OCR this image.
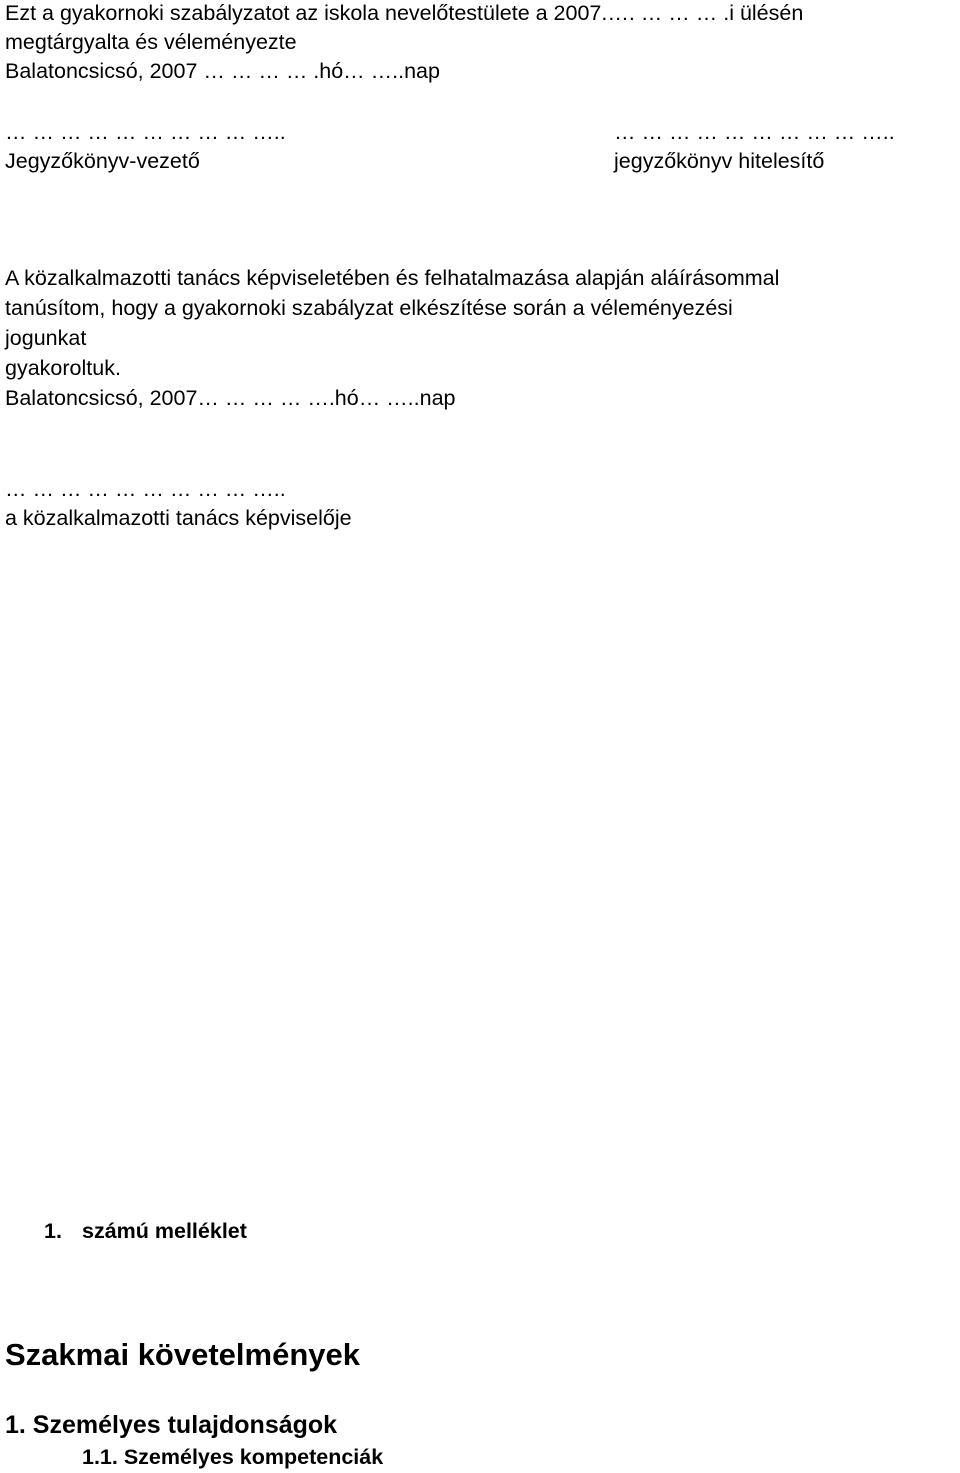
Ezt a gyakornoki szabályzatot az iskola nevelőtestülete a 2007.…. … … … .i ülésén
megtárgyalta és véleményezte
Balatoncsicsó, 2007 … … … … .hó… …..nap
… … … … … … … … … …..
Jegyzőkönyv-vezető
… … … … … … … … … …..
jegyzőkönyv hitelesítő
A közalkalmazotti tanács képviseletében és felhatalmazása alapján aláírásommal
tanúsítom, hogy a gyakornoki szabályzat elkészítése során a véleményezési
jogunkat
gyakoroltuk.
Balatoncsicsó, 2007… … … … ….hó… …..nap
… … … … … … … … … …..
a közalkalmazotti tanács képviselője
1. számú melléklet
Szakmai követelmények
1. Személyes tulajdonságok
1.1. Személyes kompetenciák
